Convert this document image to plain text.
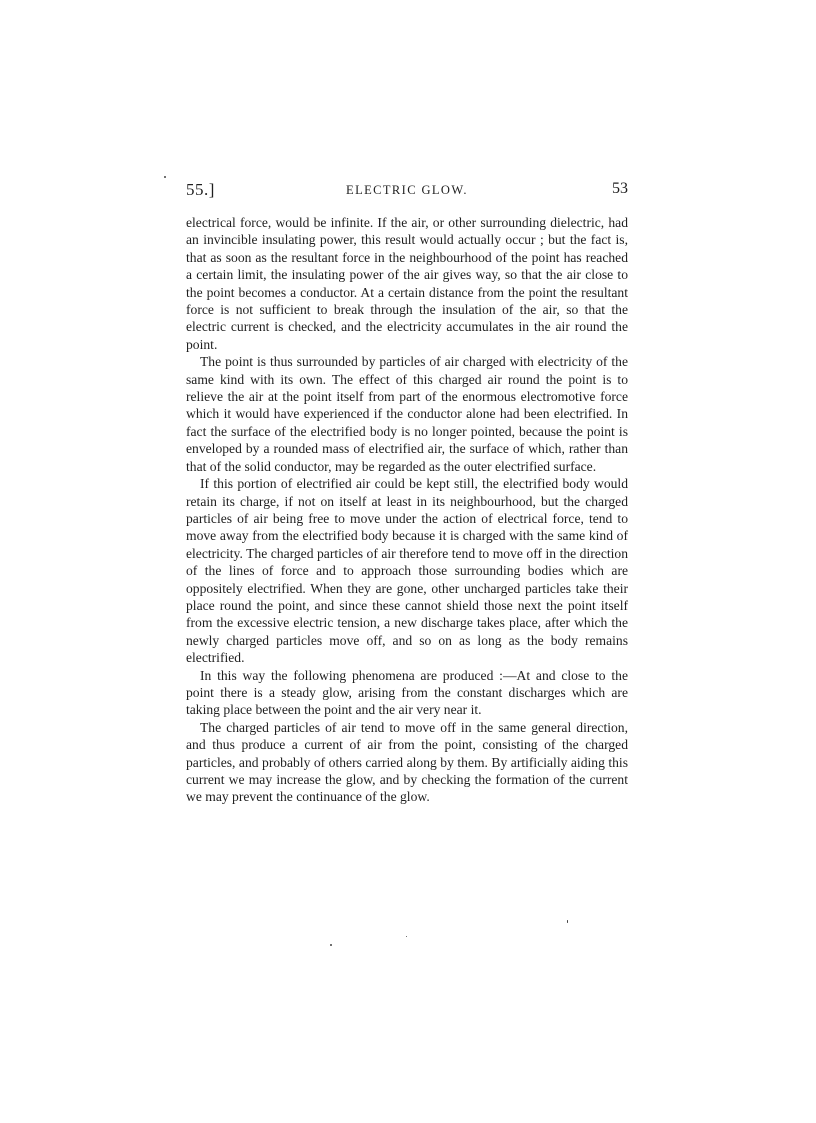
55.]	ELECTRIC GLOW.	53

electrical force, would be infinite. If the air, or other surrounding dielectric, had an invincible insulating power, this result would actually occur ; but the fact is, that as soon as the resultant force in the neighbourhood of the point has reached a certain limit, the insulating power of the air gives way, so that the air close to the point becomes a conductor. At a certain distance from the point the resultant force is not sufficient to break through the insulation of the air, so that the electric current is checked, and the electricity accumulates in the air round the point.

The point is thus surrounded by particles of air charged with electricity of the same kind with its own. The effect of this charged air round the point is to relieve the air at the point itself from part of the enormous electromotive force which it would have experienced if the conductor alone had been electrified. In fact the surface of the electrified body is no longer pointed, because the point is enveloped by a rounded mass of electrified air, the surface of which, rather than that of the solid conductor, may be regarded as the outer electrified surface.

If this portion of electrified air could be kept still, the electrified body would retain its charge, if not on itself at least in its neighbourhood, but the charged particles of air being free to move under the action of electrical force, tend to move away from the electrified body because it is charged with the same kind of electricity. The charged particles of air therefore tend to move off in the direction of the lines of force and to approach those surrounding bodies which are oppositely electrified. When they are gone, other uncharged particles take their place round the point, and since these cannot shield those next the point itself from the excessive electric tension, a new discharge takes place, after which the newly charged particles move off, and so on as long as the body remains electrified.

In this way the following phenomena are produced :—At and close to the point there is a steady glow, arising from the constant discharges which are taking place between the point and the air very near it.

The charged particles of air tend to move off in the same general direction, and thus produce a current of air from the point, consisting of the charged particles, and probably of others carried along by them. By artificially aiding this current we may increase the glow, and by checking the formation of the current we may prevent the continuance of the glow.
